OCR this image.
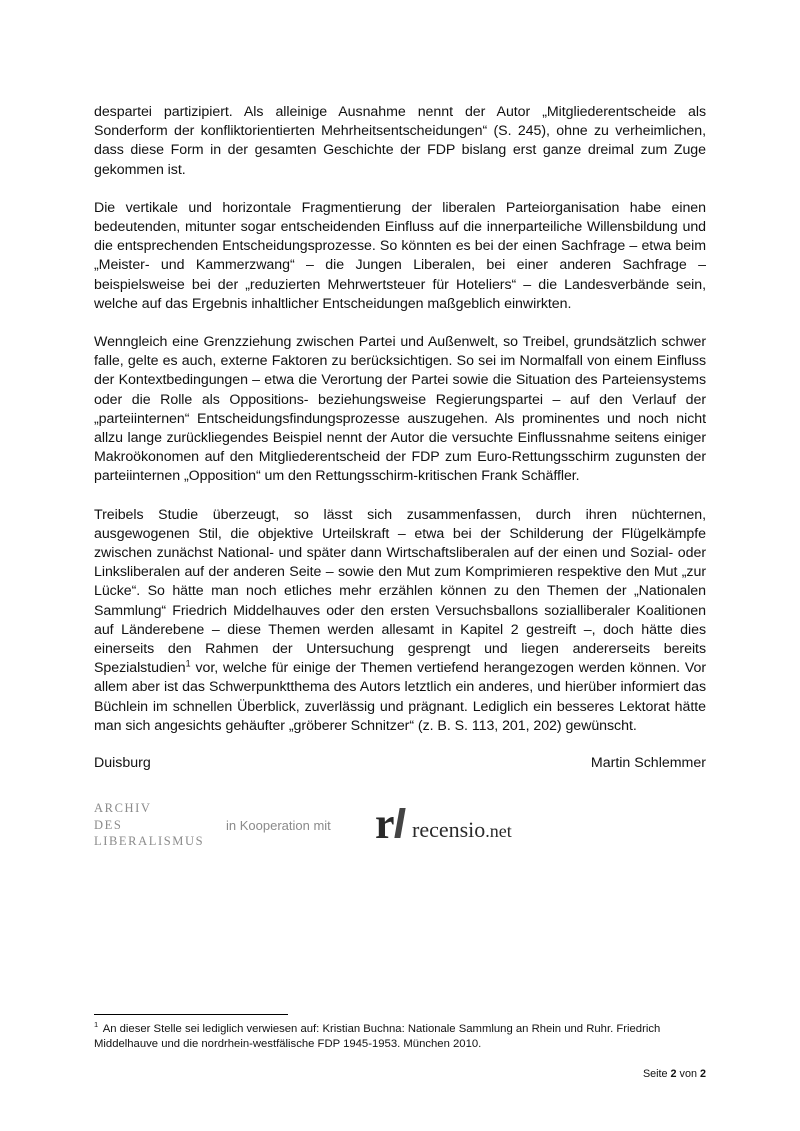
despartei partizipiert. Als alleinige Ausnahme nennt der Autor „Mitgliederentscheide als Sonderform der konfliktorientierten Mehrheitsentscheidungen“ (S. 245), ohne zu verheimlichen, dass diese Form in der gesamten Geschichte der FDP bislang erst ganze dreimal zum Zuge gekommen ist.

Die vertikale und horizontale Fragmentierung der liberalen Parteiorganisation habe einen bedeutenden, mitunter sogar entscheidenden Einfluss auf die innerparteiliche Willensbildung und die entsprechenden Entscheidungsprozesse. So könnten es bei der einen Sachfrage – etwa beim „Meister- und Kammerzwang“ – die Jungen Liberalen, bei einer anderen Sachfrage – beispielsweise bei der „reduzierten Mehrwertsteuer für Hoteliers“ – die Landesverbände sein, welche auf das Ergebnis inhaltlicher Entscheidungen maßgeblich einwirkten.

Wenngleich eine Grenzziehung zwischen Partei und Außenwelt, so Treibel, grundsätzlich schwer falle, gelte es auch, externe Faktoren zu berücksichtigen. So sei im Normalfall von einem Einfluss der Kontextbedingungen – etwa die Verortung der Partei sowie die Situation des Parteiensystems oder die Rolle als Oppositions- beziehungsweise Regierungspartei – auf den Verlauf der „parteiinternen“ Entscheidungsfindungsprozesse auszugehen. Als prominentes und noch nicht allzu lange zurückliegendes Beispiel nennt der Autor die versuchte Einflussnahme seitens einiger Makroökonomen auf den Mitgliederentscheid der FDP zum Euro-Rettungsschirm zugunsten der parteiinternen „Opposition“ um den Rettungsschirm-kritischen Frank Schäffler.

Treibels Studie überzeugt, so lässt sich zusammenfassen, durch ihren nüchternen, ausgewogenen Stil, die objektive Urteilskraft – etwa bei der Schilderung der Flügelkämpfe zwischen zunächst National- und später dann Wirtschaftsliberalen auf der einen und Sozial- oder Linksliberalen auf der anderen Seite – sowie den Mut zum Komprimieren respektive den Mut „zur Lücke“. So hätte man noch etliches mehr erzählen können zu den Themen der „Nationalen Sammlung“ Friedrich Middelhauves oder den ersten Versuchsballons sozialliberaler Koalitionen auf Länderebene – diese Themen werden allesamt in Kapitel 2 gestreift –, doch hätte dies einerseits den Rahmen der Untersuchung gesprengt und liegen andererseits bereits Spezialstudien$^1$ vor, welche für einige der Themen vertiefend herangezogen werden können. Vor allem aber ist das Schwerpunktthema des Autors letztlich ein anderes, und hierüber informiert das Büchlein im schnellen Überblick, zuverlässig und prägnant. Lediglich ein besseres Lektorat hätte man sich angesichts gehäufter „gröberer Schnitzer“ (z. B. S. 113, 201, 202) gewünscht.

Duisburg	Martin Schlemmer
ARCHIV
DES
LIBERALISMUS
in Kooperation mit r recensio.net
$^1$ An dieser Stelle sei lediglich verwiesen auf: Kristian Buchna: Nationale Sammlung an Rhein und Ruhr. Friedrich Middelhauve und die nordrhein-westfälische FDP 1945-1953. München 2010.
Seite 2 von 2
